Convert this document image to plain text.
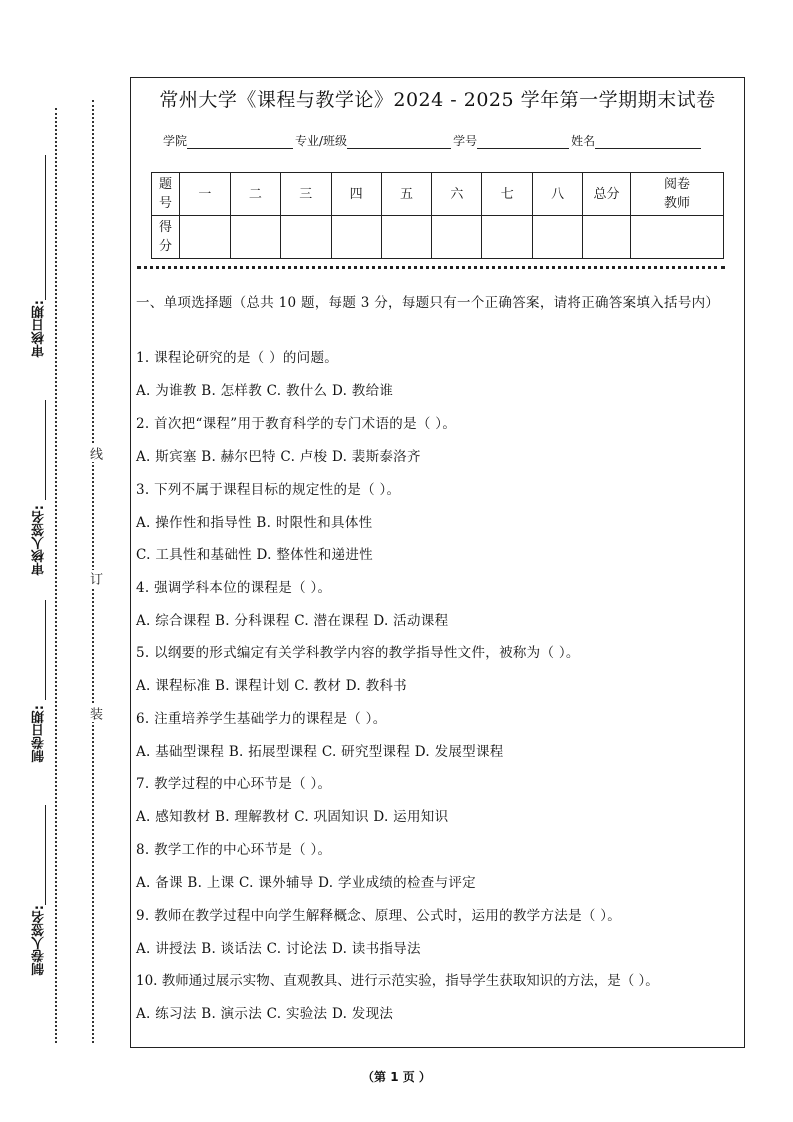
审核日期:
审核人签名:
制卷日期:
制卷人签名:
线
订
装
常州大学《课程与教学论》2024 - 2025 学年第一学期期末试卷
学院	专业/班级	学号	姓名
题号	一	二	三	四	五	六	七	八	总分	阅卷教师
得分										
一、单项选择题（总共 10 题，每题 3 分，每题只有一个正确答案，请将正确答案填入括号内）
1. 课程论研究的是（ ）的问题。
A. 为谁教 B. 怎样教 C. 教什么 D. 教给谁
2. 首次把“课程”用于教育科学的专门术语的是（ ）。
A. 斯宾塞 B. 赫尔巴特 C. 卢梭 D. 裴斯泰洛齐
3. 下列不属于课程目标的规定性的是（ ）。
A. 操作性和指导性 B. 时限性和具体性
C. 工具性和基础性 D. 整体性和递进性
4. 强调学科本位的课程是（ ）。
A. 综合课程 B. 分科课程 C. 潜在课程 D. 活动课程
5. 以纲要的形式编定有关学科教学内容的教学指导性文件，被称为（ ）。
A. 课程标准 B. 课程计划 C. 教材 D. 教科书
6. 注重培养学生基础学力的课程是（ ）。
A. 基础型课程 B. 拓展型课程 C. 研究型课程 D. 发展型课程
7. 教学过程的中心环节是（ ）。
A. 感知教材 B. 理解教材 C. 巩固知识 D. 运用知识
8. 教学工作的中心环节是（ ）。
A. 备课 B. 上课 C. 课外辅导 D. 学业成绩的检查与评定
9. 教师在教学过程中向学生解释概念、原理、公式时，运用的教学方法是（ ）。
A. 讲授法 B. 谈话法 C. 讨论法 D. 读书指导法
10. 教师通过展示实物、直观教具、进行示范实验，指导学生获取知识的方法，是（ ）。
A. 练习法 B. 演示法 C. 实验法 D. 发现法
（第 1 页 ）
